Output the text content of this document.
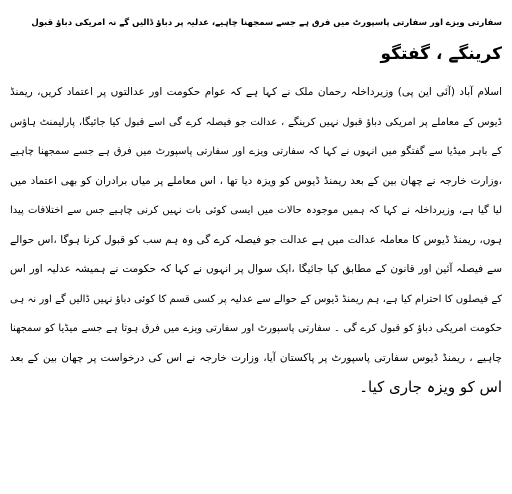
سفارتی ویزے اور سفارتی پاسپورٹ میں فرق ہے جسے سمجھنا چاہیے، عدلیہ پر دباؤ ڈالیں گے نہ امریکی دباؤ قبول
کرینگے ، گفتگو
اسلام آباد (آئی این پی) وزیرداخلہ رحمان ملک نے کہا ہے کہ عوام حکومت اور عدالتوں پر اعتماد کریں، ریمنڈ
ڈیوس کے معاملے پر امریکی دباؤ قبول نہیں کرینگے ، عدالت جو فیصلہ کرے گی اسے قبول کیا جائیگا، پارلیمنٹ ہاؤس
کے باہر میڈیا سے گفتگو میں انہوں نے کہا کہ سفارتی ویزے اور سفارتی پاسپورٹ میں فرق ہے جسے سمجھنا چاہیے
،وزارت خارجہ نے چھان بین کے بعد ریمنڈ ڈیوس کو ویزہ دیا تھا ، اس معاملے پر میاں برادران کو بھی اعتماد میں
لیا گیا ہے، وزیرداخلہ نے کہا کہ ہمیں موجودہ حالات میں ایسی کوئی بات نہیں کرنی چاہیے جس سے اختلافات پیدا
ہوں، ریمنڈ ڈیوس کا معاملہ عدالت میں ہے عدالت جو فیصلہ کرے گی وہ ہم سب کو قبول کرنا ہوگا ،اس حوالے
سے فیصلہ آئین اور قانون کے مطابق کیا جائیگا ،ایک سوال پر انہوں نے کہا کہ حکومت نے ہمیشہ عدلیہ اور اس
کے فیصلوں کا احترام کیا ہے، ہم ریمنڈ ڈیوس کے حوالے سے عدلیہ پر کسی قسم کا کوئی دباؤ نہیں ڈالیں گے اور نہ ہی
حکومت امریکی دباؤ کو قبول کرے گی ۔ سفارتی پاسپورٹ اور سفارتی ویزے میں فرق ہوتا ہے جسے میڈیا کو سمجھنا
چاہیے ، ریمنڈ ڈیوس سفارتی پاسپورٹ پر پاکستان آیا، وزارت خارجہ نے اس کی درخواست پر چھان بین کے بعد
اس کو ویزہ جاری کیا۔
